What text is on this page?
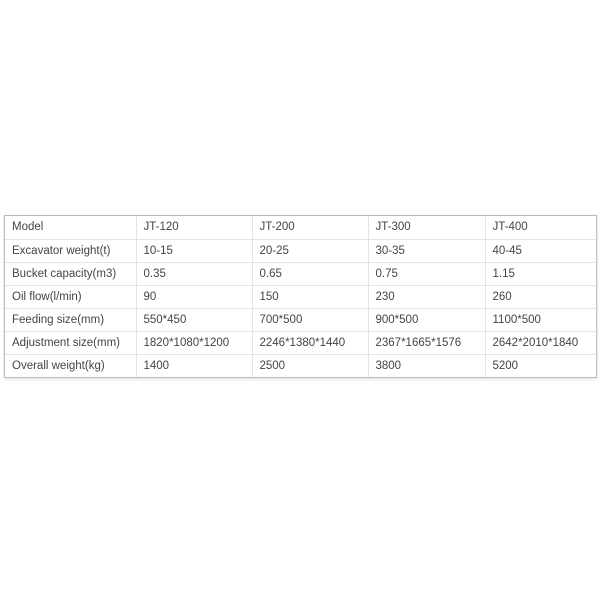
Model	JT-120	JT-200	JT-300	JT-400
Excavator weight(t)	10-15	20-25	30-35	40-45
Bucket capacity(m3)	0.35	0.65	0.75	1.15
Oil flow(l/min)	90	150	230	260
Feeding size(mm)	550*450	700*500	900*500	1100*500
Adjustment size(mm)	1820*1080*1200	2246*1380*1440	2367*1665*1576	2642*2010*1840
Overall weight(kg)	1400	2500	3800	5200
